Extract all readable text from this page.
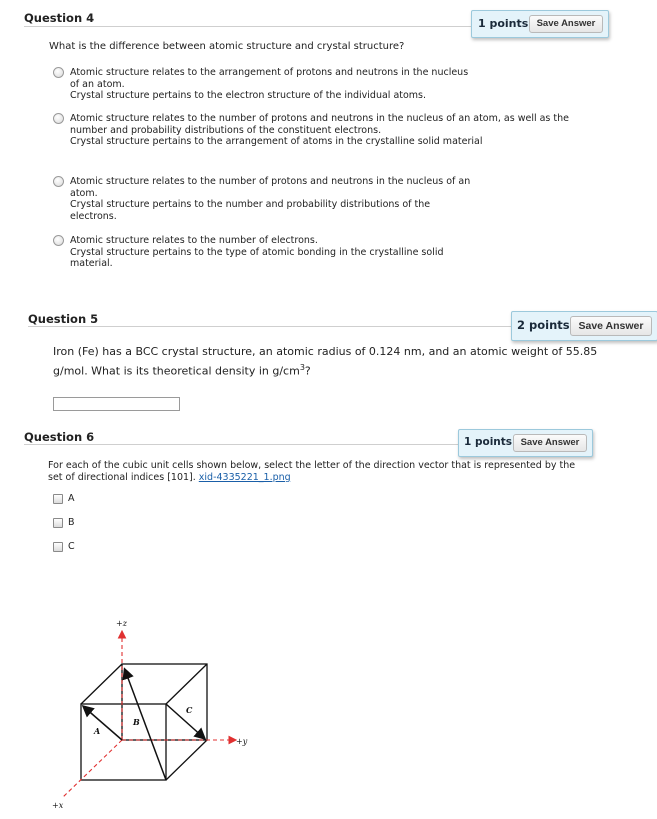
Question 4	1 points Save Answer
What is the difference between atomic structure and crystal structure?
Atomic structure relates to the arrangement of protons and neutrons in the nucleus
of an atom.
Crystal structure pertains to the electron structure of the individual atoms.
Atomic structure relates to the number of protons and neutrons in the nucleus of an atom, as well as the
number and probability distributions of the constituent electrons.
Crystal structure pertains to the arrangement of atoms in the crystalline solid material
Atomic structure relates to the number of protons and neutrons in the nucleus of an
atom.
Crystal structure pertains to the number and probability distributions of the
electrons.
Atomic structure relates to the number of electrons.
Crystal structure pertains to the type of atomic bonding in the crystalline solid
material.
Question 5	2 points Save Answer
Iron (Fe) has a BCC crystal structure, an atomic radius of 0.124 nm, and an atomic weight of 55.85
g/mol. What is its theoretical density in $g/cm^3$?
Question 6	1 points Save Answer
For each of the cubic unit cells shown below, select the letter of the direction vector that is represented by the
set of directional indices [101]. xid-4335221_1.png
A
B
C
+z
+y
+x
A
B
C
